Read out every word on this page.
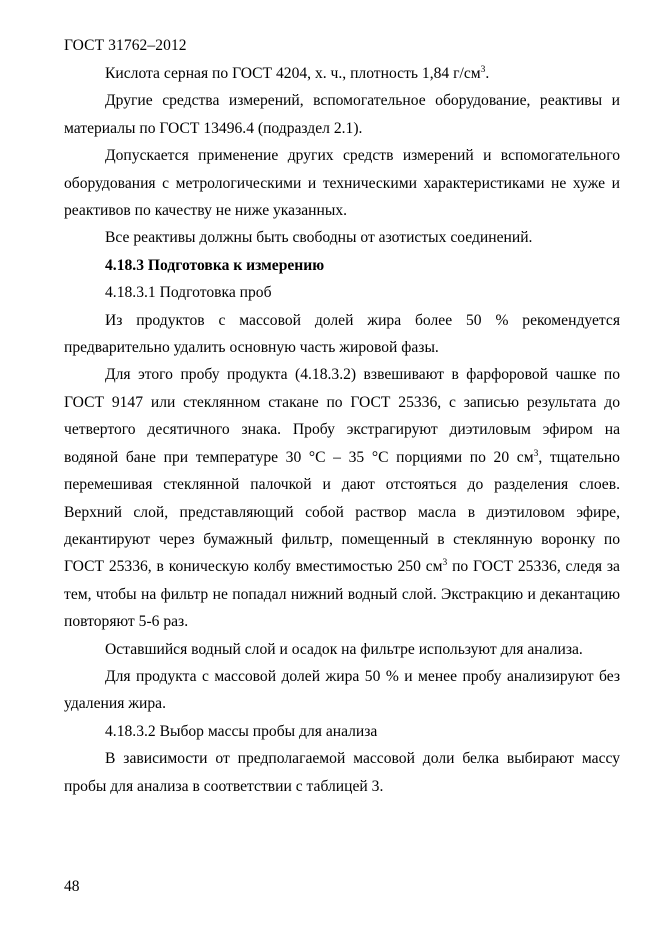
ГОСТ 31762–2012

Кислота серная по ГОСТ 4204, х. ч., плотность 1,84 $г/см^3$.

Другие средства измерений, вспомогательное оборудование, реактивы и материалы по ГОСТ 13496.4 (подраздел 2.1).

Допускается применение других средств измерений и вспомогательного оборудования с метрологическими и техническими характеристиками не хуже и реактивов по качеству не ниже указанных.

Все реактивы должны быть свободны от азотистых соединений.

4.18.3 Подготовка к измерению

4.18.3.1 Подготовка проб

Из продуктов с массовой долей жира более 50 % рекомендуется предварительно удалить основную часть жировой фазы.

Для этого пробу продукта (4.18.3.2) взвешивают в фарфоровой чашке по ГОСТ 9147 или стеклянном стакане по ГОСТ 25336, с записью результата до четвертого десятичного знака. Пробу экстрагируют диэтиловым эфиром на водяной бане при температуре 30 °С – 35 °С порциями по 20 $см^3$, тщательно перемешивая стеклянной палочкой и дают отстояться до разделения слоев. Верхний слой, представляющий собой раствор масла в диэтиловом эфире, декантируют через бумажный фильтр, помещенный в стеклянную воронку по ГОСТ 25336, в коническую колбу вместимостью 250 $см^3$ по ГОСТ 25336, следя за тем, чтобы на фильтр не попадал нижний водный слой. Экстракцию и декантацию повторяют 5-6 раз.

Оставшийся водный слой и осадок на фильтре используют для анализа.

Для продукта с массовой долей жира 50 % и менее пробу анализируют без удаления жира.

4.18.3.2 Выбор массы пробы для анализа

В зависимости от предполагаемой массовой доли белка выбирают массу пробы для анализа в соответствии с таблицей 3.

48
